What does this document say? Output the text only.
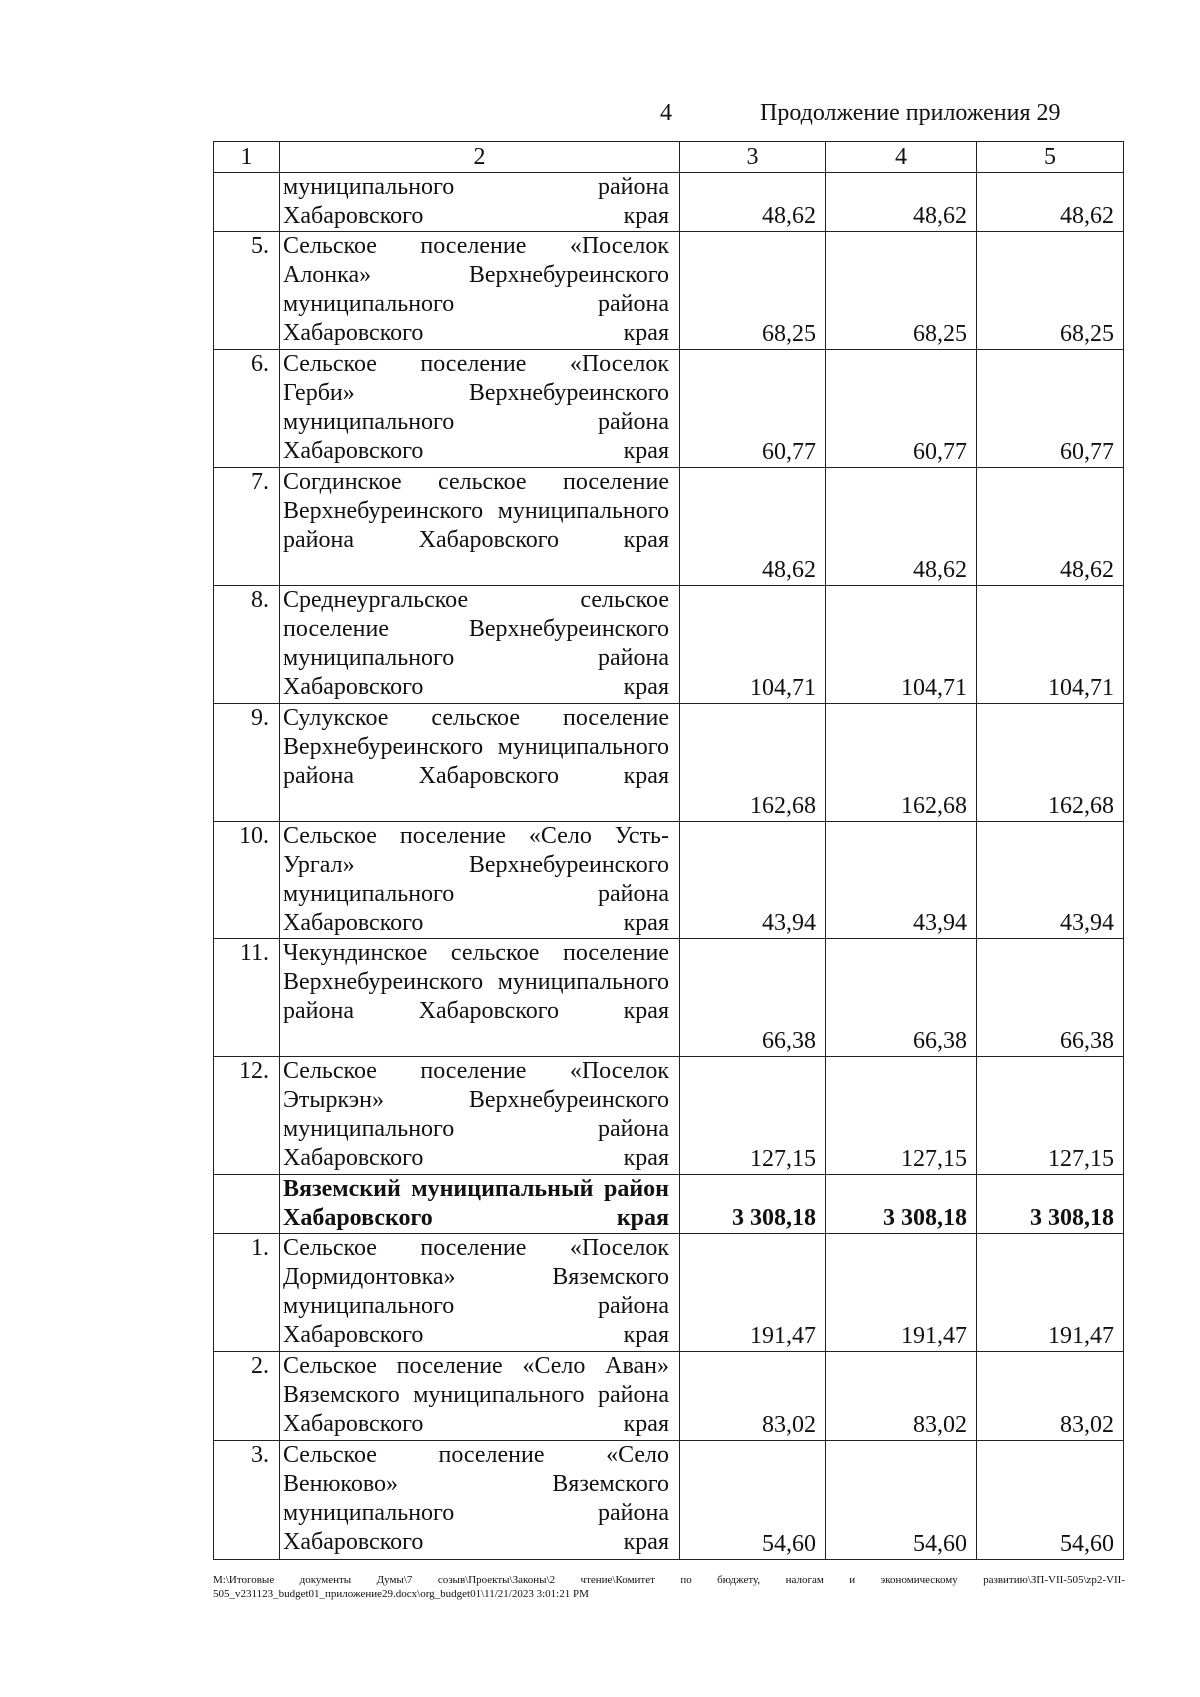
4	Продолжение приложения 29
1	2	3	4	5
	муниципального района Хабаровского края	48,62	48,62	48,62
5.	Сельское поселение «Поселок Алонка» Верхнебуреинского муниципального района Хабаровского края	68,25	68,25	68,25
6.	Сельское поселение «Поселок Герби» Верхнебуреинского муниципального района Хабаровского края	60,77	60,77	60,77
7.	Согдинское сельское поселение Верхнебуреинского муниципального района Хабаровского края	48,62	48,62	48,62
8.	Среднеургальское сельское поселение Верхнебуреинского муниципального района Хабаровского края	104,71	104,71	104,71
9.	Сулукское сельское поселение Верхнебуреинского муниципального района Хабаровского края	162,68	162,68	162,68
10.	Сельское поселение «Село Усть-Ургал» Верхнебуреинского муниципального района Хабаровского края	43,94	43,94	43,94
11.	Чекундинское сельское поселение Верхнебуреинского муниципального района Хабаровского края	66,38	66,38	66,38
12.	Сельское поселение «Поселок Этыркэн» Верхнебуреинского муниципального района Хабаровского края	127,15	127,15	127,15
	Вяземский муниципальный район Хабаровского края	3 308,18	3 308,18	3 308,18
1.	Сельское поселение «Поселок Дормидонтовка» Вяземского муниципального района Хабаровского края	191,47	191,47	191,47
2.	Сельское поселение «Село Аван» Вяземского муниципального района Хабаровского края	83,02	83,02	83,02
3.	Сельское поселение «Село Венюково» Вяземского муниципального района Хабаровского края	54,60	54,60	54,60
M:\Итоговые документы Думы\7 созыв\Проекты\Законы\2 чтение\Комитет по бюджету, налогам и экономическому развитию\ЗП-VII-505\zp2-VII-505_v231123_budget01_приложение29.docx\org_budget01\11/21/2023 3:01:21 PM
